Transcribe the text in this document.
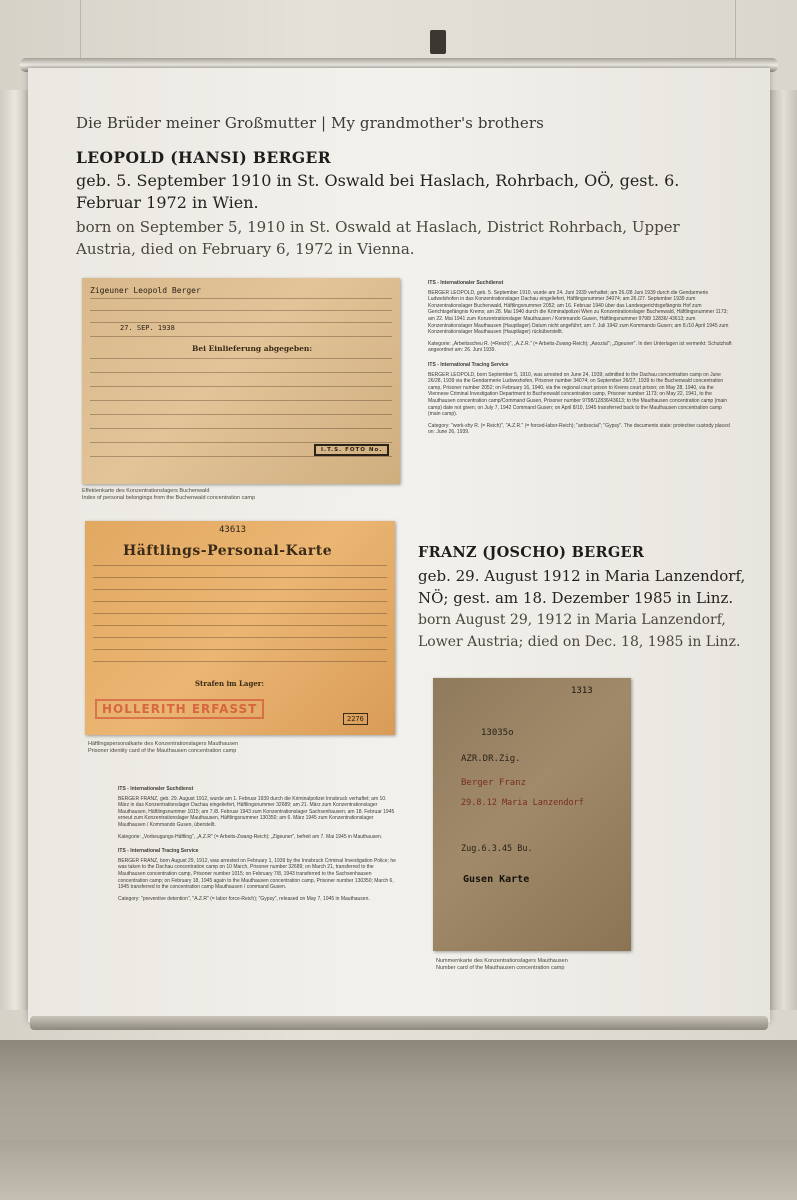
Die Brüder meiner Großmutter | My grandmother's brothers
LEOPOLD (HANSI) BERGER

geb. 5. September 1910 in St. Oswald bei Haslach, Rohrbach, OÖ, gest. 6. Februar 1972 in Wien.

born on September 5, 1910 in St. Oswald at Haslach, District Rohrbach, Upper Austria, died on February 6, 1972 in Vienna.

Zigeuner Leopold Berger
27. SEP. 1938
Bei Einlieferung abgegeben:
I.T.S. FOTO No.
Effektenkarte des Konzentrationslagers Buchenwald
Index of personal belongings from the Buchenwald concentration camp
ITS - Internationaler Suchdienst

BERGER LEOPOLD, geb. 5. September 1910, wurde am 24. Juni 1939 verhaftet; am 26./28 Juni 1939 durch die Gendarmerie Ludwelshofen in das Konzentrationslager Dachau eingeliefert, Häftlingsnummer 34074; am 26./27. September 1939 zum Konzentrationslager Buchenwald, Häftlingsnummer 2052; am 16. Februar 1940 über das Landesgerichtsgefängnis Hof zum Gerichtsgefängnis Krems; am 28. Mai 1940 durch die Kriminalpolizei Wien zu Konzentrationslager Buchenwald, Häftlingsnummer 1173; am 22. Mai 1941 zum Konzentrationslager Mauthausen / Kommando Gusen, Häftlingsnummer 9798/ 12836/ 43613; zum Konzentrationslager Mauthausen (Hauptlager) Datum nicht angeführt; am 7. Juli 1942 zum Kommando Gusen; am 8./10 April 1945 zum Konzentrationslager Mauthausen (Hauptlager) rücküberstellt.

Kategorie: „Arbeitsscheu R. (=Reich)", „A.Z.R." (= Arbeits-Zwang-Reich); „Asozial"; „Zigeuner". In den Unterlagen ist vermerkt: Schutzhaft angeordnet am: 26. Juni 1939.

ITS - International Tracing Service

BERGER LEOPOLD, born September 5, 1910, was arrested on June 24, 1939; admitted to the Dachau concentration camp on June 26/28, 1939 via the Gendarmerie Ludweshofen, Prisoner number 34074; on September 26/27, 1939 to the Buchenwald concentration camp, Prisoner number 2052; on February 16, 1940, via the regional court prison to Krems court prison; on May 28, 1940, via the Viennese Criminal Investigation Department to Buchenwald concentration camp, Prisoner number 1173; on May 22, 1941, to the Mauthausen concentration camp/Command Gusen, Prisoner number 9798/12836/43613; to the Mauthausen concentration camp (main camp) date not given; on July 7, 1942 Command Gusen; on April 8/10, 1945 transferred back to the Mauthausen concentration camp (main camp).

Category: "work-shy R. (= Reich)", "A.Z.R." (= forced-labor-Reich); "antisocial"; "Gypsy". The documents state: protective custody placed on: June 26, 1939.

43613
Häftlings-Personal-Karte
Strafen im Lager:
HOLLERITH ERFASST
2276
Häftlingspersonalkarte des Konzentrationslagers Mauthausen
Prisoner identity card of the Mauthausen concentration camp
FRANZ (JOSCHO) BERGER

geb. 29. August 1912 in Maria Lanzendorf, NÖ; gest. am 18. Dezember 1985 in Linz.

born August 29, 1912 in Maria Lanzendorf, Lower Austria; died on Dec. 18, 1985 in Linz.

1313
13035o
AZR.DR.Zig.
Berger Franz
29.8.12 Maria Lanzendorf
Zug.6.3.45 Bu.
Gusen Karte
Nummernkarte des Konzentrationslagers Mauthausen
Number card of the Mauthausen concentration camp
ITS - Internationaler Suchdienst

BERGER FRANZ, geb. 29. August 1912, wurde am 1. Februar 1939 durch die Kriminalpolizei Innsbruck verhaftet; am 10. März in das Konzentrationslager Dachau eingeliefert, Häftlingsnummer 32689; am 21. März zum Konzentrationslager Mauthausen, Häftlingsnummer 1015; am 7./8. Februar 1943 zum Konzentrationslager Sachsenhausen; am 18. Februar 1945 erneut zum Konzentrationslager Mauthausen, Häftlingsnummer 130350; am 6. März 1945 zum Konzentrationslager Mauthausen / Kommando Gusen, überstellt.

Kategorie: „Vorbeugungs-Häftling", „A.Z.R" (= Arbeits-Zwang-Reich); „Zigeuner", befreit am 7. Mai 1945 in Mauthausen.

ITS - International Tracing Service

BERGER FRANZ, born August 29, 1912, was arrested on February 1, 1939 by the Innsbruck Criminal Investigation Police; he was taken to the Dachau concentration camp on 10 March, Prisoner number 32689; on March 21, transferred to the Mauthausen concentration camp, Prisoner number 1015; on February 7/8, 1943 transferred to the Sachsenhausen concentration camp; on February 18, 1945 again to the Mauthausen concentration camp, Prisoner number 130350; March 6, 1945 transferred to the concentration camp Mauthausen / command Gusen.

Category: "preventive detention", "A.Z.R" (= labor force-Reich); "Gypsy", released on May 7, 1945 in Mauthausen.
